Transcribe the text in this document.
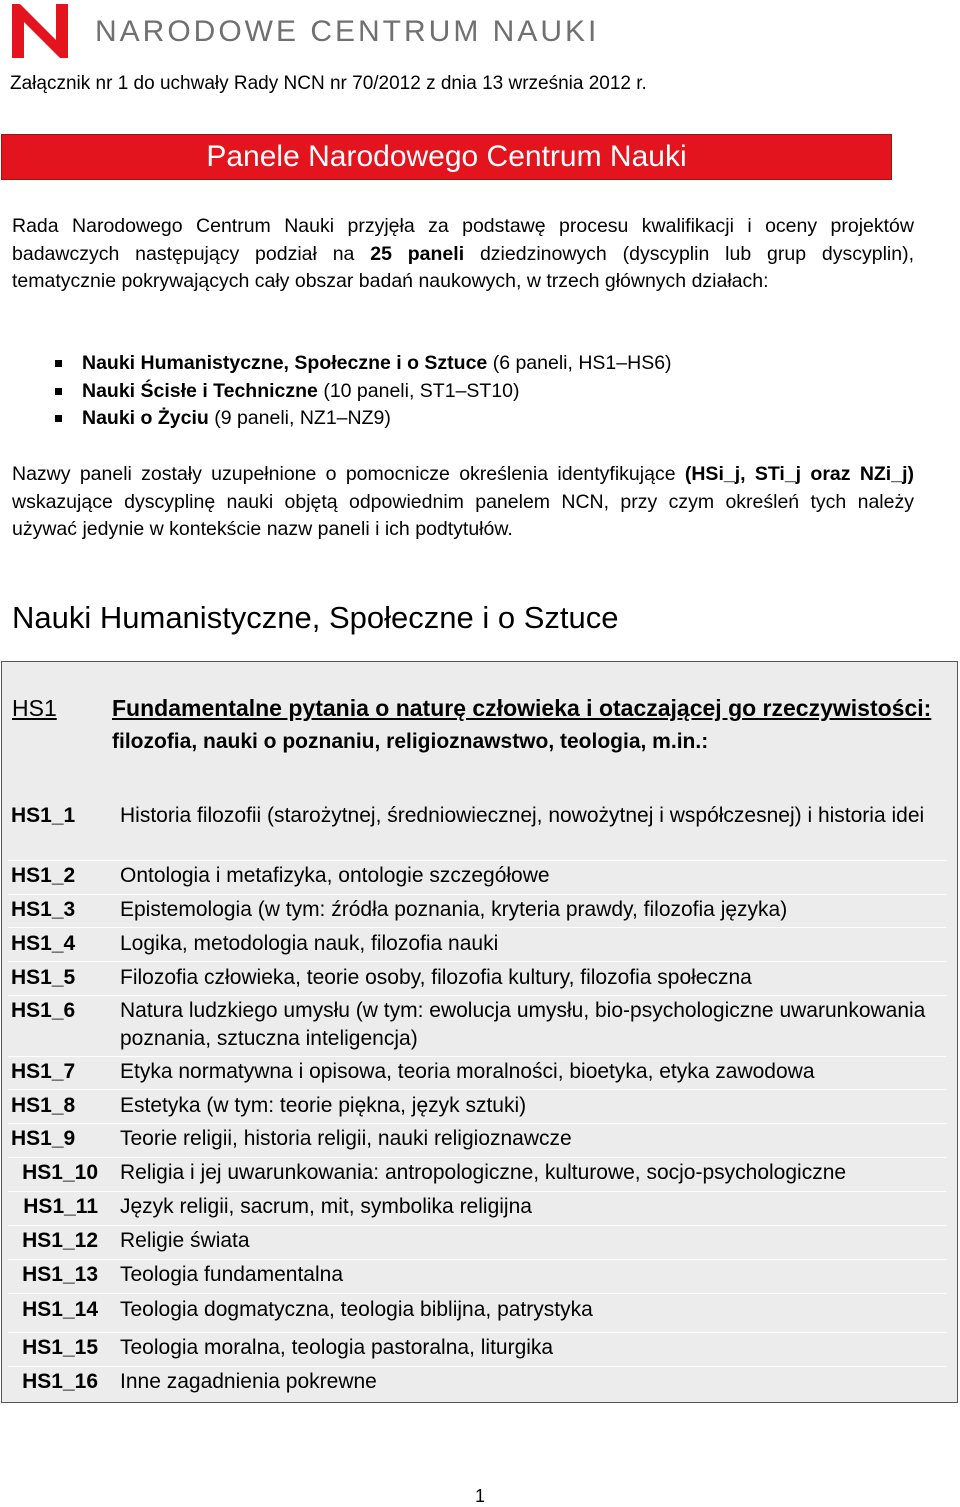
NARODOWE CENTRUM NAUKI
Załącznik nr 1 do uchwały Rady NCN nr 70/2012 z dnia 13 września 2012 r.
Panele Narodowego Centrum Nauki
Rada Narodowego Centrum Nauki przyjęła za podstawę procesu kwalifikacji i oceny projektów badawczych następujący podział na 25 paneli dziedzinowych (dyscyplin lub grup dyscyplin), tematycznie pokrywających cały obszar badań naukowych, w trzech głównych działach:
Nauki Humanistyczne, Społeczne i o Sztuce (6 paneli, HS1–HS6)
Nauki Ścisłe i Techniczne (10 paneli, ST1–ST10)
Nauki o Życiu (9 paneli, NZ1–NZ9)
Nazwy paneli zostały uzupełnione o pomocnicze określenia identyfikujące (HSi_j, STi_j oraz NZi_j) wskazujące dyscyplinę nauki objętą odpowiednim panelem NCN, przy czym określeń tych należy używać jedynie w kontekście nazw paneli i ich podtytułów.
Nauki Humanistyczne, Społeczne i o Sztuce
HS1 Fundamentalne pytania o naturę człowieka i otaczającej go rzeczywistości: filozofia, nauki o poznaniu, religioznawstwo, teologia, m.in.:
HS1_1	Historia filozofii (starożytnej, średniowiecznej, nowożytnej i współczesnej) i historia idei
HS1_2	Ontologia i metafizyka, ontologie szczegółowe
HS1_3	Epistemologia (w tym: źródła poznania, kryteria prawdy, filozofia języka)
HS1_4	Logika, metodologia nauk, filozofia nauki
HS1_5	Filozofia człowieka, teorie osoby, filozofia kultury, filozofia społeczna
HS1_6	Natura ludzkiego umysłu (w tym: ewolucja umysłu, bio-psychologiczne uwarunkowania poznania, sztuczna inteligencja)
HS1_7	Etyka normatywna i opisowa, teoria moralności, bioetyka, etyka zawodowa
HS1_8	Estetyka (w tym: teorie piękna, język sztuki)
HS1_9	Teorie religii, historia religii, nauki religioznawcze
HS1_10 Religia i jej uwarunkowania: antropologiczne, kulturowe, socjo-psychologiczne
HS1_11 Język religii, sacrum, mit, symbolika religijna
HS1_12 Religie świata
HS1_13 Teologia fundamentalna
HS1_14 Teologia dogmatyczna, teologia biblijna, patrystyka
HS1_15 Teologia moralna, teologia pastoralna, liturgika
HS1_16 Inne zagadnienia pokrewne
1
